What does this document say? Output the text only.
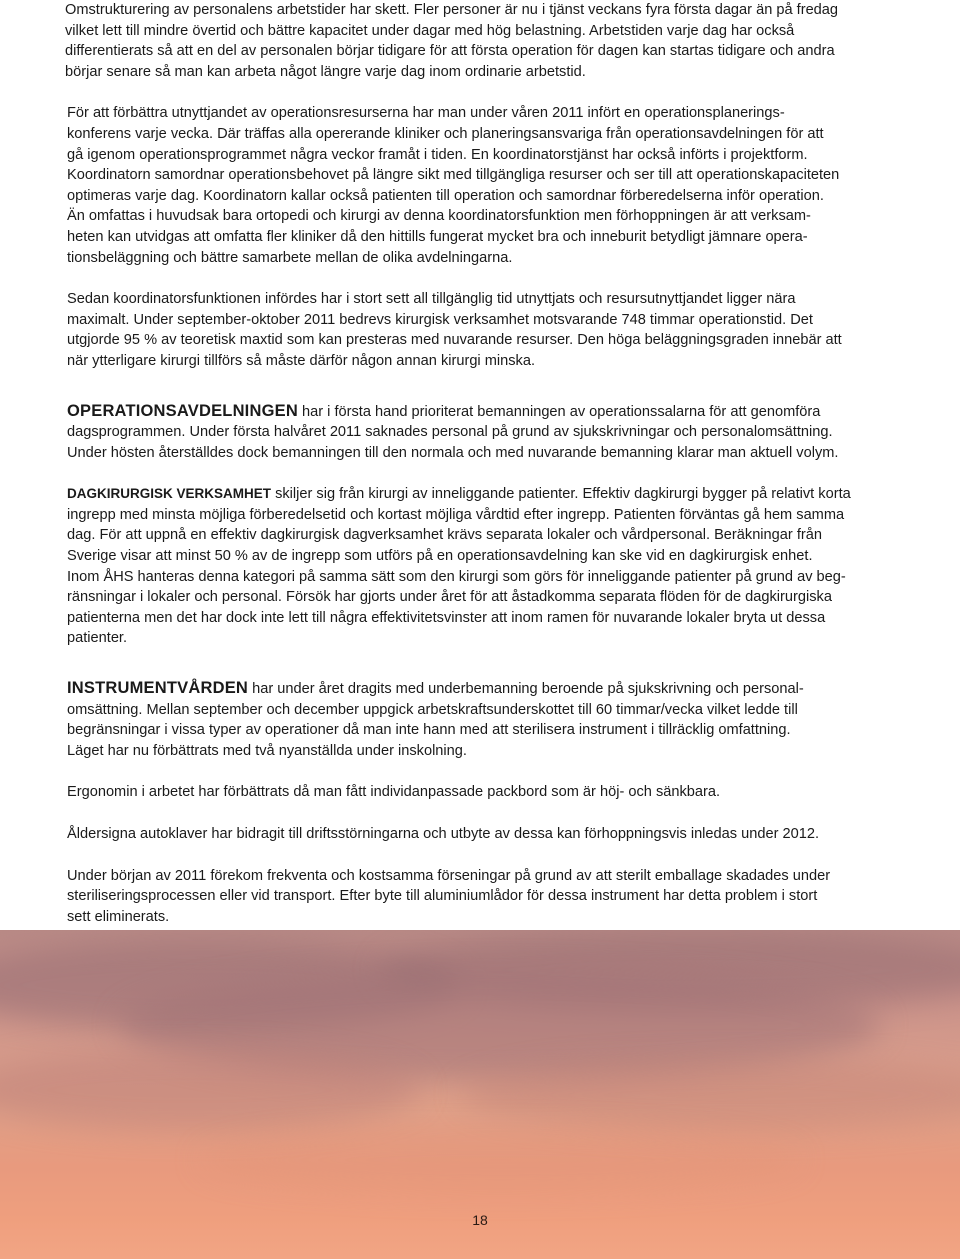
Omstrukturering av personalens arbetstider har skett. Fler personer är nu i tjänst veckans fyra första dagar än på fredag
vilket lett till mindre övertid och bättre kapacitet under dagar med hög belastning. Arbetstiden varje dag har också
differentierats så att en del av personalen börjar tidigare för att första operation för dagen kan startas tidigare och andra
börjar senare så man kan arbeta något längre varje dag inom ordinarie arbetstid.
För att förbättra utnyttjandet av operationsresurserna har man under våren 2011 infört en operationsplanerings-
konferens varje vecka. Där träffas alla opererande kliniker och planeringsansvariga från operationsavdelningen för att
gå igenom operationsprogrammet några veckor framåt i tiden. En koordinatorstjänst har också införts i projektform.
Koordinatorn samordnar operationsbehovet på längre sikt med tillgängliga resurser och ser till att operationskapaciteten
optimeras varje dag. Koordinatorn kallar också patienten till operation och samordnar förberedelserna inför operation.
Än omfattas i huvudsak bara ortopedi och kirurgi av denna koordinatorsfunktion men förhoppningen är att verksam-
heten kan utvidgas att omfatta fler kliniker då den hittills fungerat mycket bra och inneburit betydligt jämnare opera-
tionsbeläggning och bättre samarbete mellan de olika avdelningarna.
Sedan koordinatorsfunktionen infördes har i stort sett all tillgänglig tid utnyttjats och resursutnyttjandet ligger nära
maximalt. Under september-oktober 2011 bedrevs kirurgisk verksamhet motsvarande 748 timmar operationstid. Det
utgjorde 95 % av teoretisk maxtid som kan presteras med nuvarande resurser. Den höga beläggningsgraden innebär att
när ytterligare kirurgi tillförs så måste därför någon annan kirurgi minska.
OPERATIONSAVDELNINGEN har i första hand prioriterat bemanningen av operationssalarna för att genomföra
dagsprogrammen. Under första halvåret 2011 saknades personal på grund av sjukskrivningar och personalomsättning.
Under hösten återställdes dock bemanningen till den normala och med nuvarande bemanning klarar man aktuell volym.
DAGKIRURGISK VERKSAMHET skiljer sig från kirurgi av inneliggande patienter. Effektiv dagkirurgi bygger på relativt korta
ingrepp med minsta möjliga förberedelsetid och kortast möjliga vårdtid efter ingrepp. Patienten förväntas gå hem samma
dag. För att uppnå en effektiv dagkirurgisk dagverksamhet krävs separata lokaler och vårdpersonal. Beräkningar från
Sverige visar att minst 50 % av de ingrepp som utförs på en operationsavdelning kan ske vid en dagkirurgisk enhet.
Inom ÅHS hanteras denna kategori på samma sätt som den kirurgi som görs för inneliggande patienter på grund av beg-
ränsningar i lokaler och personal. Försök har gjorts under året för att åstadkomma separata flöden för de dagkirurgiska
patienterna men det har dock inte lett till några effektivitetsvinster att inom ramen för nuvarande lokaler bryta ut dessa
patienter.
INSTRUMENTVÅRDEN har under året dragits med underbemanning beroende på sjukskrivning och personal-
omsättning. Mellan september och december uppgick arbetskraftsunderskottet till 60 timmar/vecka vilket ledde till
begränsningar i vissa typer av operationer då man inte hann med att sterilisera instrument i tillräcklig omfattning.
Läget har nu förbättrats med två nyanställda under inskolning.
Ergonomin i arbetet har förbättrats då man fått individanpassade packbord som är höj- och sänkbara.
Åldersigna autoklaver har bidragit till driftsstörningarna och utbyte av dessa kan förhoppningsvis inledas under 2012.
Under början av 2011 förekom frekventa och kostsamma förseningar på grund av att sterilt emballage skadades under
steriliseringsprocessen eller vid transport. Efter byte till aluminiumlådor för dessa instrument har detta problem i stort
sett eliminerats.
18
